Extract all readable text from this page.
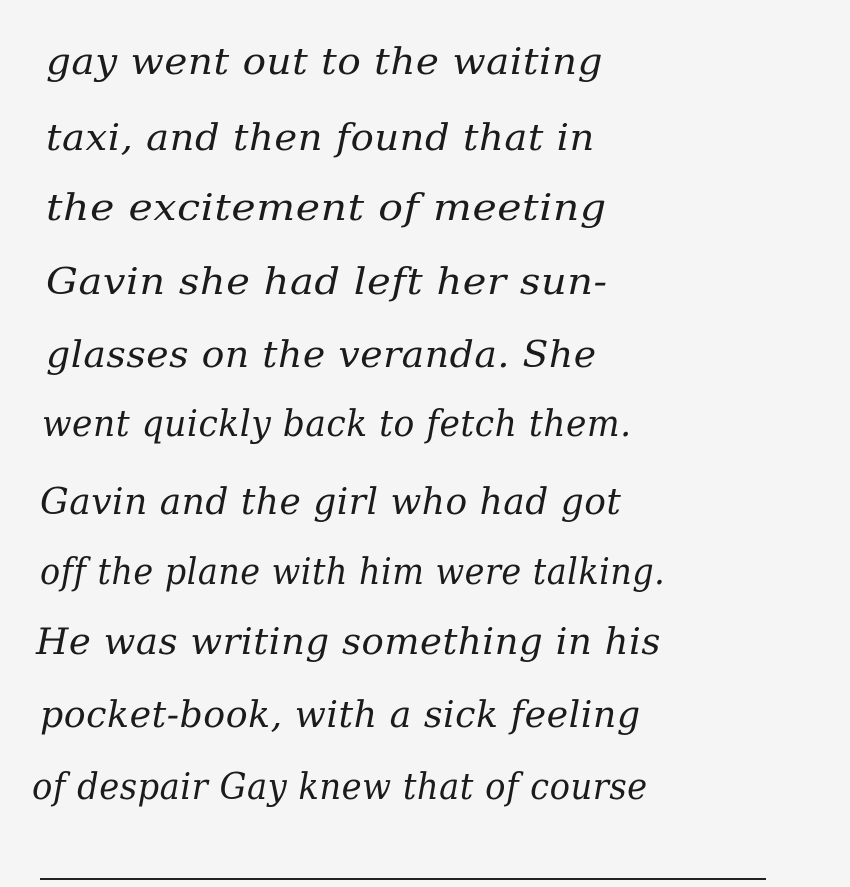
gay went out to the waiting
taxi, and then found that in
the excitement of meeting
Gavin she had left her sun-
glasses on the veranda. She
went quickly back to fetch them.
Gavin and the girl who had got
off the plane with him were talking.
He was writing something in his
pocket-book, with a sick feeling
of despair Gay knew that of course
